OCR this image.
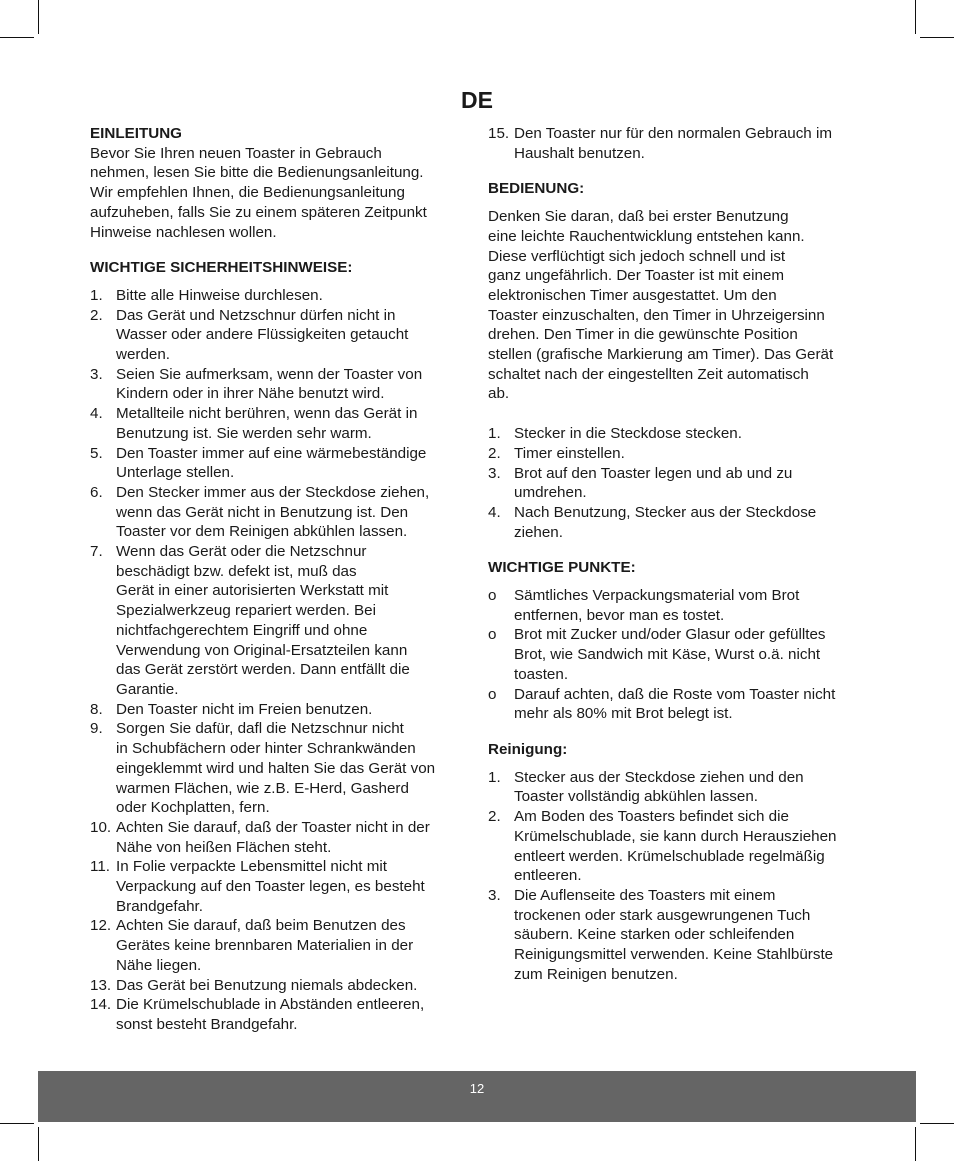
DE

EINLEITUNG

Bevor Sie Ihren neuen Toaster in Gebrauch
nehmen, lesen Sie bitte die Bedienungsanleitung.
Wir empfehlen Ihnen, die Bedienungsanleitung
aufzuheben, falls Sie zu einem späteren Zeitpunkt
Hinweise nachlesen wollen.

WICHTIGE SICHERHEITSHINWEISE:

1. Bitte alle Hinweise durchlesen.
2. Das Gerät und Netzschnur dürfen nicht in
Wasser oder andere Flüssigkeiten getaucht
werden.
3. Seien Sie aufmerksam, wenn der Toaster von
Kindern oder in ihrer Nähe benutzt wird.
4. Metallteile nicht berühren, wenn das Gerät in
Benutzung ist. Sie werden sehr warm.
5. Den Toaster immer auf eine wärmebeständige
Unterlage stellen.
6. Den Stecker immer aus der Steckdose ziehen,
wenn das Gerät nicht in Benutzung ist. Den
Toaster vor dem Reinigen abkühlen lassen.
7. Wenn das Gerät oder die Netzschnur
beschädigt bzw. defekt ist, muß das
Gerät in einer autorisierten Werkstatt mit
Spezialwerkzeug repariert werden. Bei
nichtfachgerechtem Eingriff und ohne
Verwendung von Original-Ersatzteilen kann
das Gerät zerstört werden. Dann entfällt die
Garantie.
8. Den Toaster nicht im Freien benutzen.
9. Sorgen Sie dafür, dafl die Netzschnur nicht
in Schubfächern oder hinter Schrankwänden
eingeklemmt wird und halten Sie das Gerät von
warmen Flächen, wie z.B. E-Herd, Gasherd
oder Kochplatten, fern.
10. Achten Sie darauf, daß der Toaster nicht in der
Nähe von heißen Flächen steht.
11. In Folie verpackte Lebensmittel nicht mit
Verpackung auf den Toaster legen, es besteht
Brandgefahr.
12. Achten Sie darauf, daß beim Benutzen des
Gerätes keine brennbaren Materialien in der
Nähe liegen.
13. Das Gerät bei Benutzung niemals abdecken.
14. Die Krümelschublade in Abständen entleeren,
sonst besteht Brandgefahr.
15. Den Toaster nur für den normalen Gebrauch im
Haushalt benutzen.

BEDIENUNG:

Denken Sie daran, daß bei erster Benutzung
eine leichte Rauchentwicklung entstehen kann.
Diese verflüchtigt sich jedoch schnell und ist
ganz ungefährlich. Der Toaster ist mit einem
elektronischen Timer ausgestattet. Um den
Toaster einzuschalten, den Timer in Uhrzeigersinn
drehen. Den Timer in die gewünschte Position
stellen (grafische Markierung am Timer). Das Gerät
schaltet nach der eingestellten Zeit automatisch
ab.
1. Stecker in die Steckdose stecken.
2. Timer einstellen.
3. Brot auf den Toaster legen und ab und zu
umdrehen.
4. Nach Benutzung, Stecker aus der Steckdose
ziehen.

WICHTIGE PUNKTE:

o	Sämtliches Verpackungsmaterial vom Brot
entfernen, bevor man es tostet.
o	Brot mit Zucker und/oder Glasur oder gefülltes
Brot, wie Sandwich mit Käse, Wurst o.ä. nicht
toasten.
o	Darauf achten, daß die Roste vom Toaster nicht
mehr als 80% mit Brot belegt ist.

Reinigung:

1. Stecker aus der Steckdose ziehen und den
Toaster vollständig abkühlen lassen.
2. Am Boden des Toasters befindet sich die
Krümelschublade, sie kann durch Herausziehen
entleert werden. Krümelschublade regelmäßig
entleeren.
3. Die Auflenseite des Toasters mit einem
trockenen oder stark ausgewrungenen Tuch
säubern. Keine starken oder schleifenden
Reinigungsmittel verwenden. Keine Stahlbürste
zum Reinigen benutzen.
12
